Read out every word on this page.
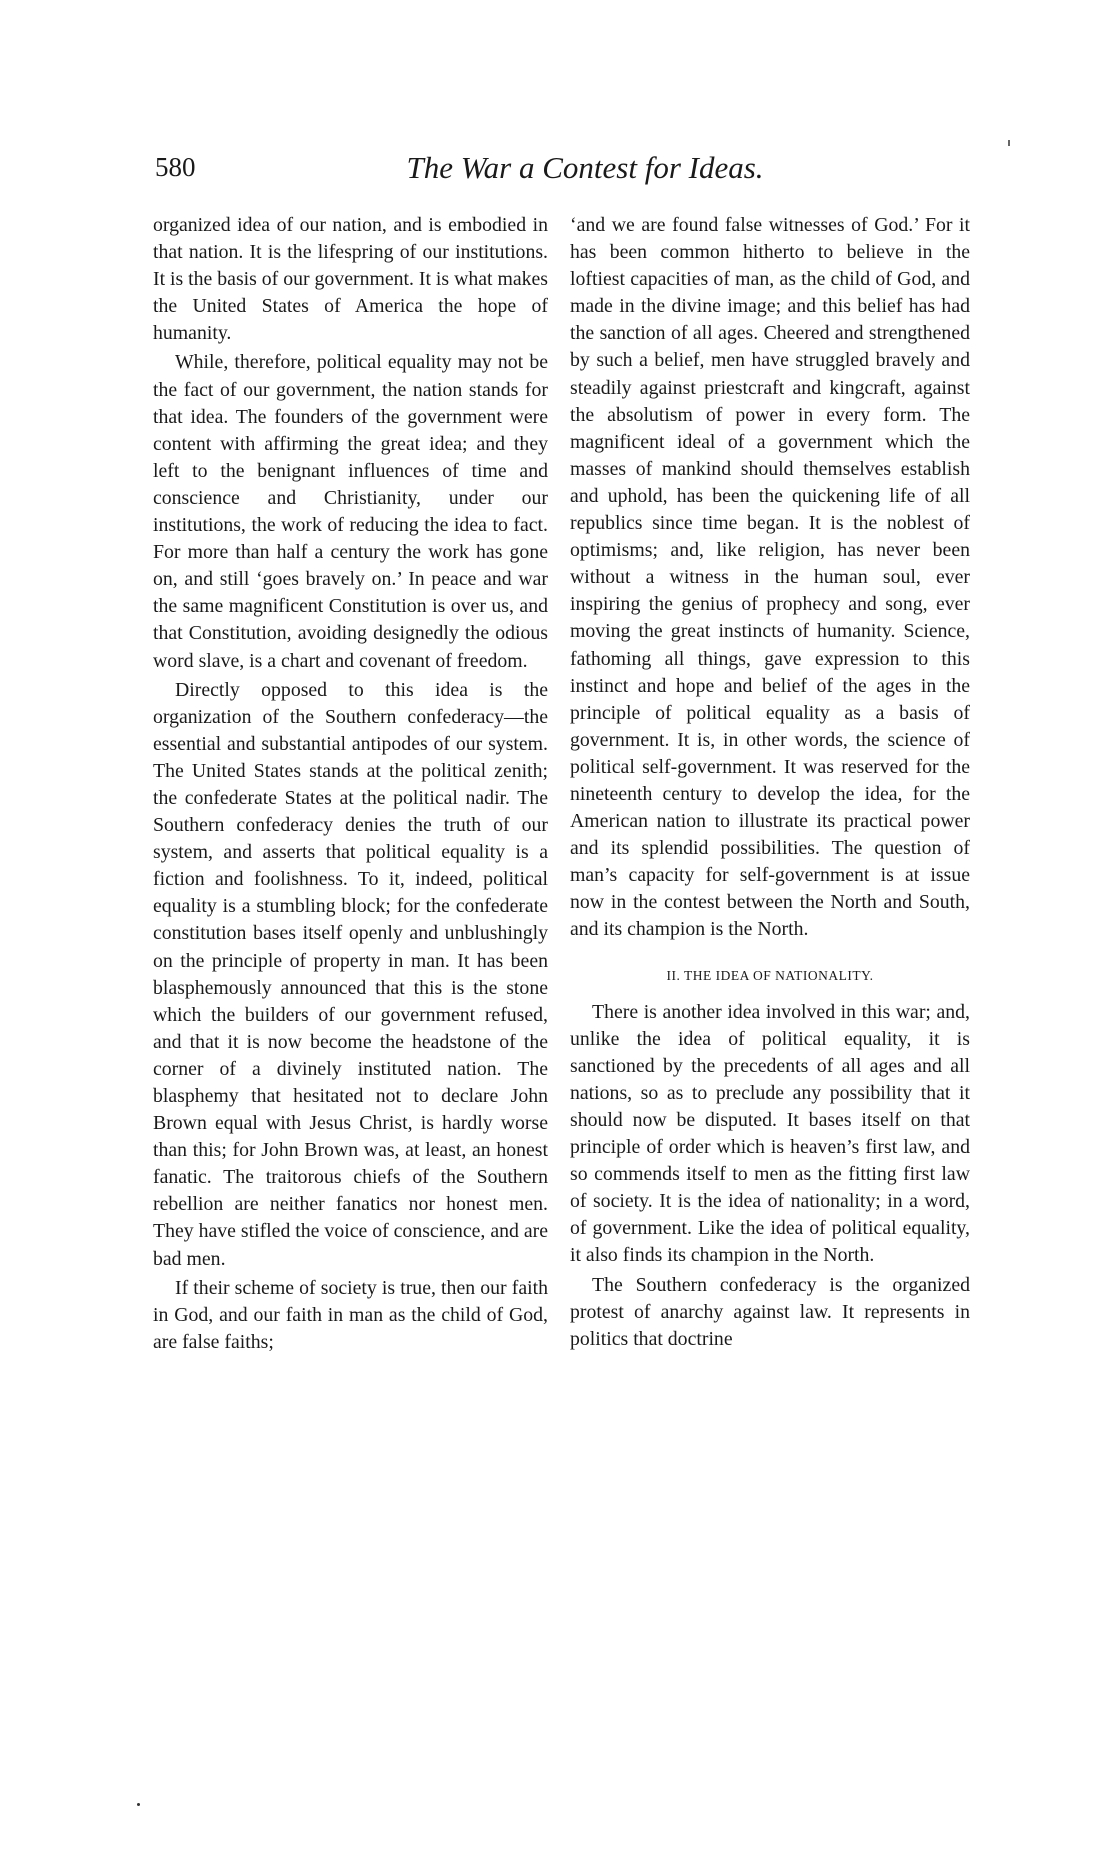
580	The War a Contest for Ideas.

organized idea of our nation, and is embodied in that nation. It is the lifespring of our institutions. It is the basis of our government. It is what makes the United States of America the hope of humanity.

While, therefore, political equality may not be the fact of our government, the nation stands for that idea. The founders of the government were content with affirming the great idea; and they left to the benignant influences of time and conscience and Christianity, under our institutions, the work of reducing the idea to fact. For more than half a century the work has gone on, and still ‘goes bravely on.’ In peace and war the same magnificent Constitution is over us, and that Constitution, avoiding designedly the odious word slave, is a chart and covenant of freedom.

Directly opposed to this idea is the organization of the Southern confederacy—the essential and substantial antipodes of our system. The United States stands at the political zenith; the confederate States at the political nadir. The Southern confederacy denies the truth of our system, and asserts that political equality is a fiction and foolishness. To it, indeed, political equality is a stumbling block; for the confederate constitution bases itself openly and unblushingly on the principle of property in man. It has been blasphemously announced that this is the stone which the builders of our government refused, and that it is now become the headstone of the corner of a divinely instituted nation. The blasphemy that hesitated not to declare John Brown equal with Jesus Christ, is hardly worse than this; for John Brown was, at least, an honest fanatic. The traitorous chiefs of the Southern rebellion are neither fanatics nor honest men. They have stifled the voice of conscience, and are bad men.

If their scheme of society is true, then our faith in God, and our faith in man as the child of God, are false faiths;

‘and we are found false witnesses of God.’ For it has been common hitherto to believe in the loftiest capacities of man, as the child of God, and made in the divine image; and this belief has had the sanction of all ages. Cheered and strengthened by such a belief, men have struggled bravely and steadily against priestcraft and kingcraft, against the absolutism of power in every form. The magnificent ideal of a government which the masses of mankind should themselves establish and uphold, has been the quickening life of all republics since time began. It is the noblest of optimisms; and, like religion, has never been without a witness in the human soul, ever inspiring the genius of prophecy and song, ever moving the great instincts of humanity. Science, fathoming all things, gave expression to this instinct and hope and belief of the ages in the principle of political equality as a basis of government. It is, in other words, the science of political self-government. It was reserved for the nineteenth century to develop the idea, for the American nation to illustrate its practical power and its splendid possibilities. The question of man’s capacity for self-government is at issue now in the contest between the North and South, and its champion is the North.

II. THE IDEA OF NATIONALITY.

There is another idea involved in this war; and, unlike the idea of political equality, it is sanctioned by the precedents of all ages and all nations, so as to preclude any possibility that it should now be disputed. It bases itself on that principle of order which is heaven’s first law, and so commends itself to men as the fitting first law of society. It is the idea of nationality; in a word, of government. Like the idea of political equality, it also finds its champion in the North.

The Southern confederacy is the organized protest of anarchy against law. It represents in politics that doctrine
